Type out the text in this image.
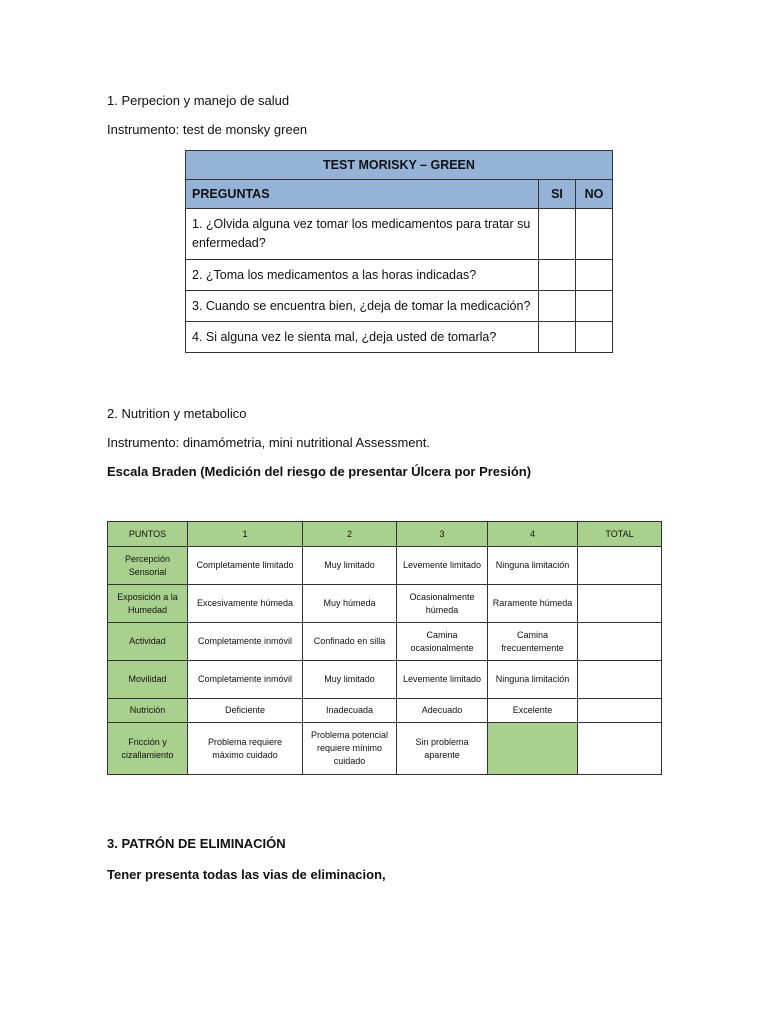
1. Perpecion y manejo de salud
Instrumento: test de monsky green
TEST MORISKY – GREEN		
PREGUNTAS	SI	NO
1. ¿Olvida alguna vez tomar los medicamentos para tratar su enfermedad?		
2. ¿Toma los medicamentos a las horas indicadas?		
3. Cuando se encuentra bien, ¿deja de tomar la medicación?		
4. Si alguna vez le sienta mal, ¿deja usted de tomarla?		
2. Nutrition y metabolico
Instrumento: dinamómetria, mini nutritional Assessment.
Escala Braden (Medición del riesgo de presentar Úlcera por Presión)
PUNTOS	1	2	3	4	TOTAL
Percepción Sensorial	Completamente limitado	Muy limitado	Levemente limitado	Ninguna limitación	
Exposición a la Humedad	Excesivamente húmeda	Muy húmeda	Ocasionalmente húmeda	Raramente húmeda	
Actividad	Completamente inmóvil	Confinado en silla	Camina ocasionalmente	Camina frecuentemente	
Movilidad	Completamente inmóvil	Muy limitado	Levemente limitado	Ninguna limitación	
Nutrición	Deficiente	Inadecuada	Adecuado	Excelente	
Fricción y cizallamiento	Problema requiere máximo cuidado	Problema potencial requiere mínimo cuidado	Sin problema aparente		
3. PATRÓN DE ELIMINACIÓN
Tener presenta todas las vias de eliminacion,
